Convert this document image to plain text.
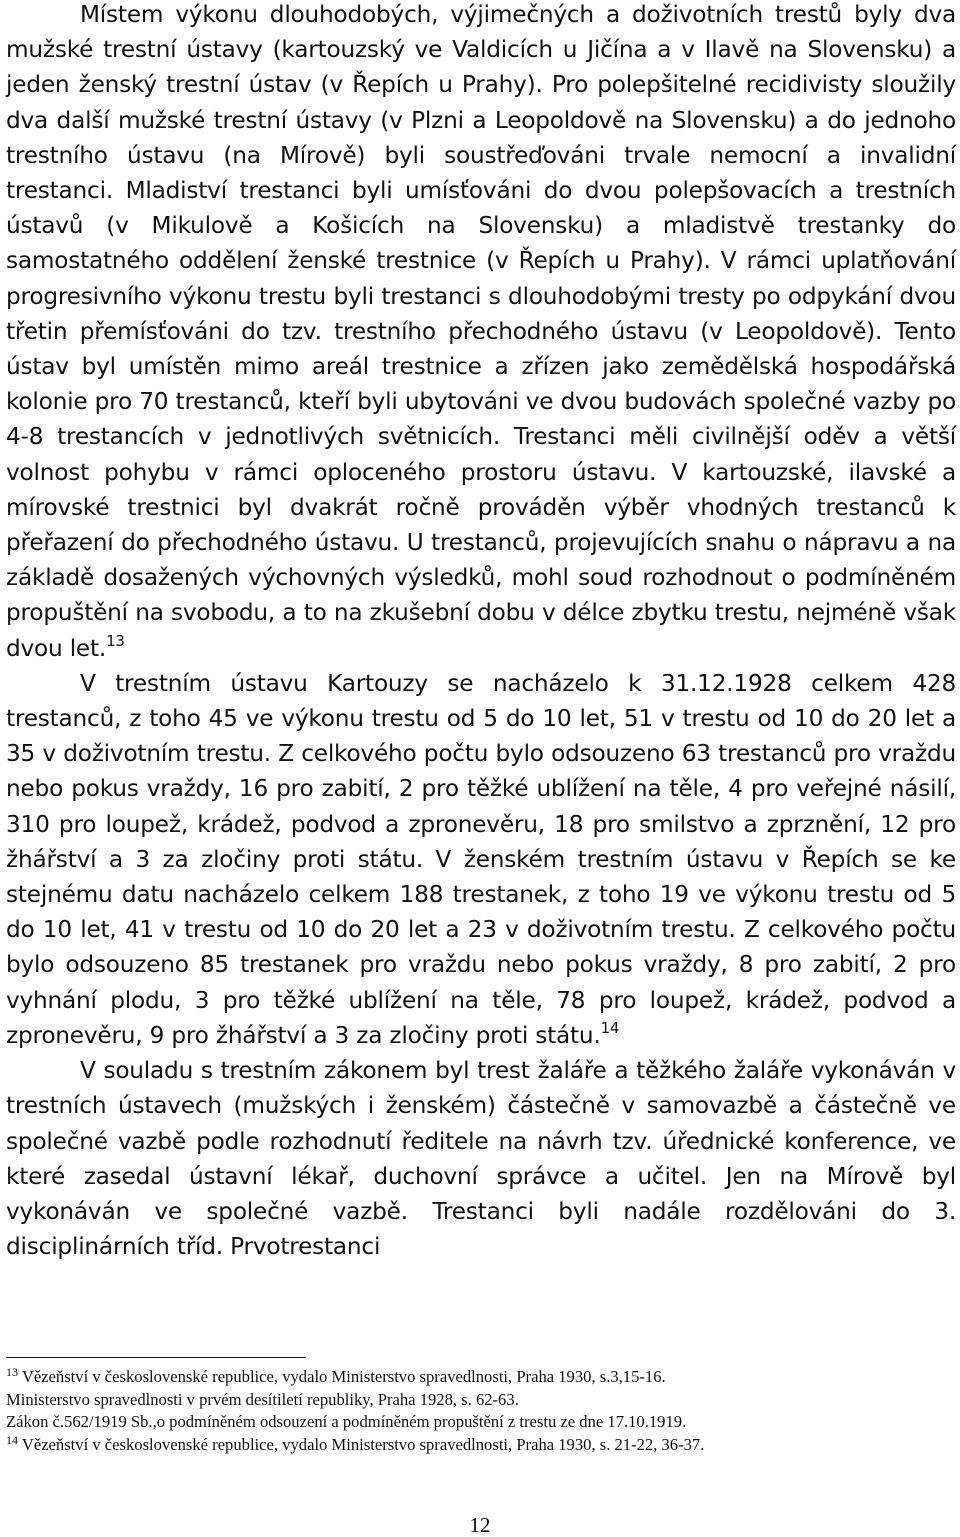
Místem výkonu dlouhodobých, výjimečných a doživotních trestů byly dva mužské trestní ústavy (kartouzský ve Valdicích u Jičína a v Ilavě na Slovensku) a jeden ženský trestní ústav (v Řepích u Prahy). Pro polepšitelné recidivisty sloužily dva další mužské trestní ústavy (v Plzni a Leopoldově na Slovensku) a do jednoho trestního ústavu (na Mírově) byli soustřeďováni trvale nemocní a invalidní trestanci. Mladiství trestanci byli umísťováni do dvou polepšovacích a trestních ústavů (v Mikulově a Košicích na Slovensku) a mladistvě trestanky do samostatného oddělení ženské trestnice (v Řepích u Prahy). V rámci uplatňování progresivního výkonu trestu byli trestanci s dlouhodobými tresty po odpykání dvou třetin přemísťováni do tzv. trestního přechodného ústavu (v Leopoldově). Tento ústav byl umístěn mimo areál trestnice a zřízen jako zemědělská hospodářská kolonie pro 70 trestanců, kteří byli ubytováni ve dvou budovách společné vazby po 4-8 trestancích v jednotlivých světnicích. Trestanci měli civilnější oděv a větší volnost pohybu v rámci oploceného prostoru ústavu. V kartouzské, ilavské a mírovské trestnici byl dvakrát ročně prováděn výběr vhodných trestanců k přeřazení do přechodného ústavu. U trestanců, projevujících snahu o nápravu a na základě dosažených výchovných výsledků, mohl soud rozhodnout o podmíněném propuštění na svobodu, a to na zkušební dobu v délce zbytku trestu, nejméně však dvou let.$^{13}$

V trestním ústavu Kartouzy se nacházelo k 31.12.1928 celkem 428 trestanců, z toho 45 ve výkonu trestu od 5 do 10 let, 51 v trestu od 10 do 20 let a 35 v doživotním trestu. Z celkového počtu bylo odsouzeno 63 trestanců pro vraždu nebo pokus vraždy, 16 pro zabití, 2 pro těžké ublížení na těle, 4 pro veřejné násilí, 310 pro loupež, krádež, podvod a zpronevěru, 18 pro smilstvo a zprznění, 12 pro žhářství a 3 za zločiny proti státu. V ženském trestním ústavu v Řepích se ke stejnému datu nacházelo celkem 188 trestanek, z toho 19 ve výkonu trestu od 5 do 10 let, 41 v trestu od 10 do 20 let a 23 v doživotním trestu. Z celkového počtu bylo odsouzeno 85 trestanek pro vraždu nebo pokus vraždy, 8 pro zabití, 2 pro vyhnání plodu, 3 pro těžké ublížení na těle, 78 pro loupež, krádež, podvod a zpronevěru, 9 pro žhářství a 3 za zločiny proti státu.$^{14}$

V souladu s trestním zákonem byl trest žaláře a těžkého žaláře vykonáván v trestních ústavech (mužských i ženském) částečně v samovazbě a částečně ve společné vazbě podle rozhodnutí ředitele na návrh tzv. úřednické konference, ve které zasedal ústavní lékař, duchovní správce a učitel. Jen na Mírově byl vykonáván ve společné vazbě. Trestanci byli nadále rozdělováni do 3. disciplinárních tříd. Prvotrestanci

$^{13}$ Vězeňství v československé republice, vydalo Ministerstvo spravedlnosti, Praha 1930, s.3,15-16.

Ministerstvo spravedlnosti v prvém desítiletí republiky, Praha 1928, s. 62-63.

Zákon č.562/1919 Sb.,o podmíněném odsouzení a podmíněném propuštění z trestu ze dne 17.10.1919.

$^{14}$ Vězeňství v československé republice, vydalo Ministerstvo spravedlnosti, Praha 1930, s. 21-22, 36-37.

12
